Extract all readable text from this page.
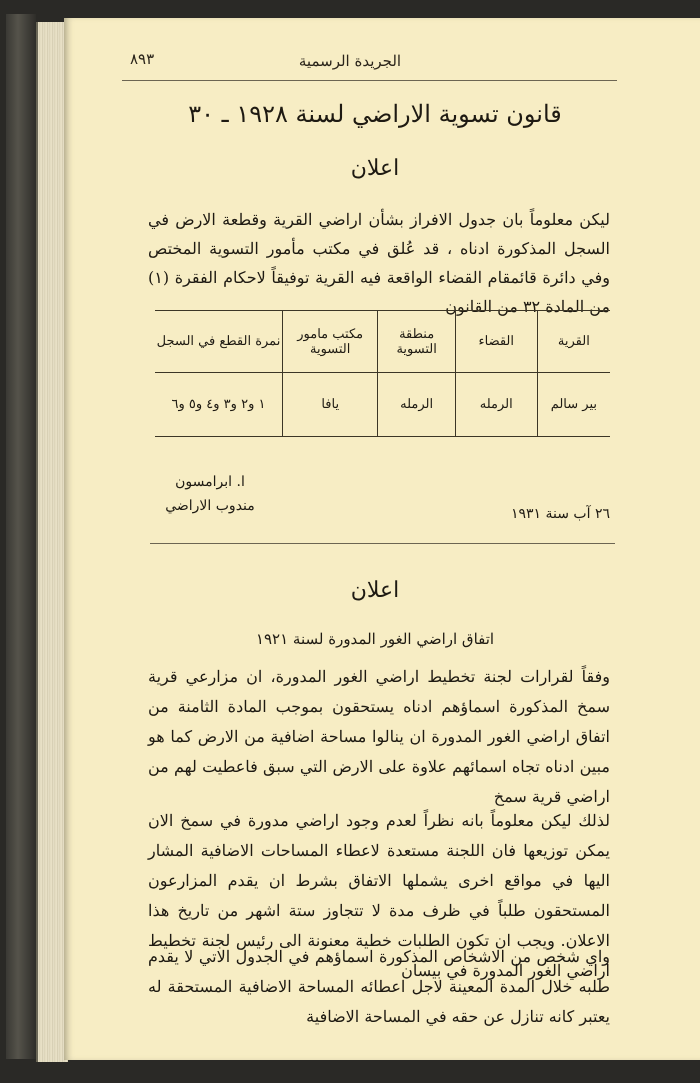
٨٩٣	الجريدة الرسمية
قانون تسوية الاراضي لسنة ١٩٢٨ ـ ٣٠
اعلان
ليكن معلوماً بان جدول الافراز بشأن اراضي القرية وقطعة الارض في السجل المذكورة ادناه ، قد عُلق في مكتب مأمور التسوية المختص وفي دائرة قائمقام القضاء الواقعة فيه القرية توفيقاً لاحكام الفقرة (١) من المادة ٣٢ من القانون
القرية	القضاء	منطقة التسوية	مكتب مامور التسوية	نمرة القطع في السجل
بير سالم	الرمله	الرمله	يافا	١ و٢ و٣ و٤ و٥ و٦
ا. ابرامسون
مندوب الاراضي	٢٦ آب سنة ١٩٣١
اعلان
اتفاق اراضي الغور المدورة لسنة ١٩٢١
وفقاً لقرارات لجنة تخطيط اراضي الغور المدورة، ان مزارعي قرية سمخ المذكورة اسماؤهم ادناه يستحقون بموجب المادة الثامنة من اتفاق اراضي الغور المدورة ان ينالوا مساحة اضافية من الارض كما هو مبين ادناه تجاه اسمائهم علاوة على الارض التي سبق فاعطيت لهم من اراضي قرية سمخ
لذلك ليكن معلوماً بانه نظراً لعدم وجود اراضي مدورة في سمخ الان يمكن توزيعها فان اللجنة مستعدة لاعطاء المساحات الاضافية المشار اليها في مواقع اخرى يشملها الاتفاق بشرط ان يقدم المزارعون المستحقون طلباً في ظرف مدة لا تتجاوز ستة اشهر من تاريخ هذا الاعلان. ويجب ان تكون الطلبات خطية معنونة الى رئيس لجنة تخطيط اراضي الغور المدورة في بيسان
واي شخص من الاشخاص المذكورة اسماؤهم في الجدول الاتي لا يقدم طلبه خلال المدة المعينة لاجل اعطائه المساحة الاضافية المستحقة له يعتبر كانه تنازل عن حقه في المساحة الاضافية
